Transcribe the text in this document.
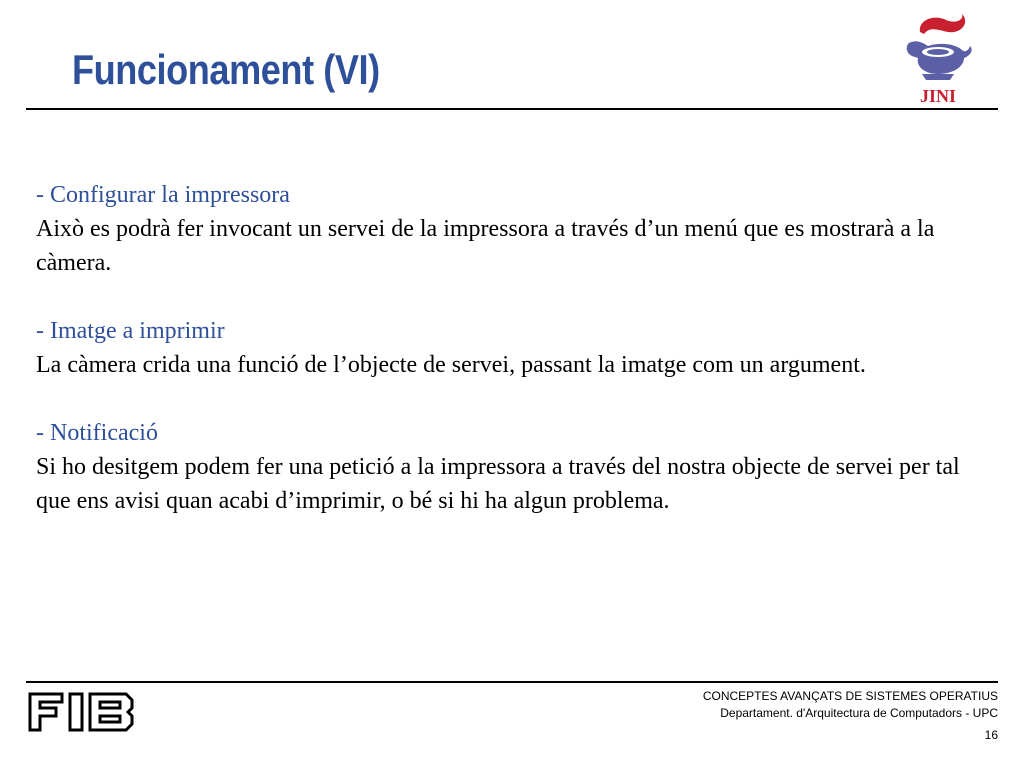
Funcionament (VI)
JINI
- Configurar la impressora
Això es podrà fer invocant un servei de la impressora a través d’un menú que es mostrarà a la càmera.
- Imatge a imprimir
La càmera crida una funció de l’objecte de servei, passant la imatge com un argument.
- Notificació
Si ho desitgem podem fer una petició a la impressora a través del nostra objecte de servei per tal que ens avisi quan acabi d’imprimir, o bé si hi ha algun problema.
CONCEPTES AVANÇATS DE SISTEMES OPERATIUS
Departament. d'Arquitectura de Computadors - UPC
16
